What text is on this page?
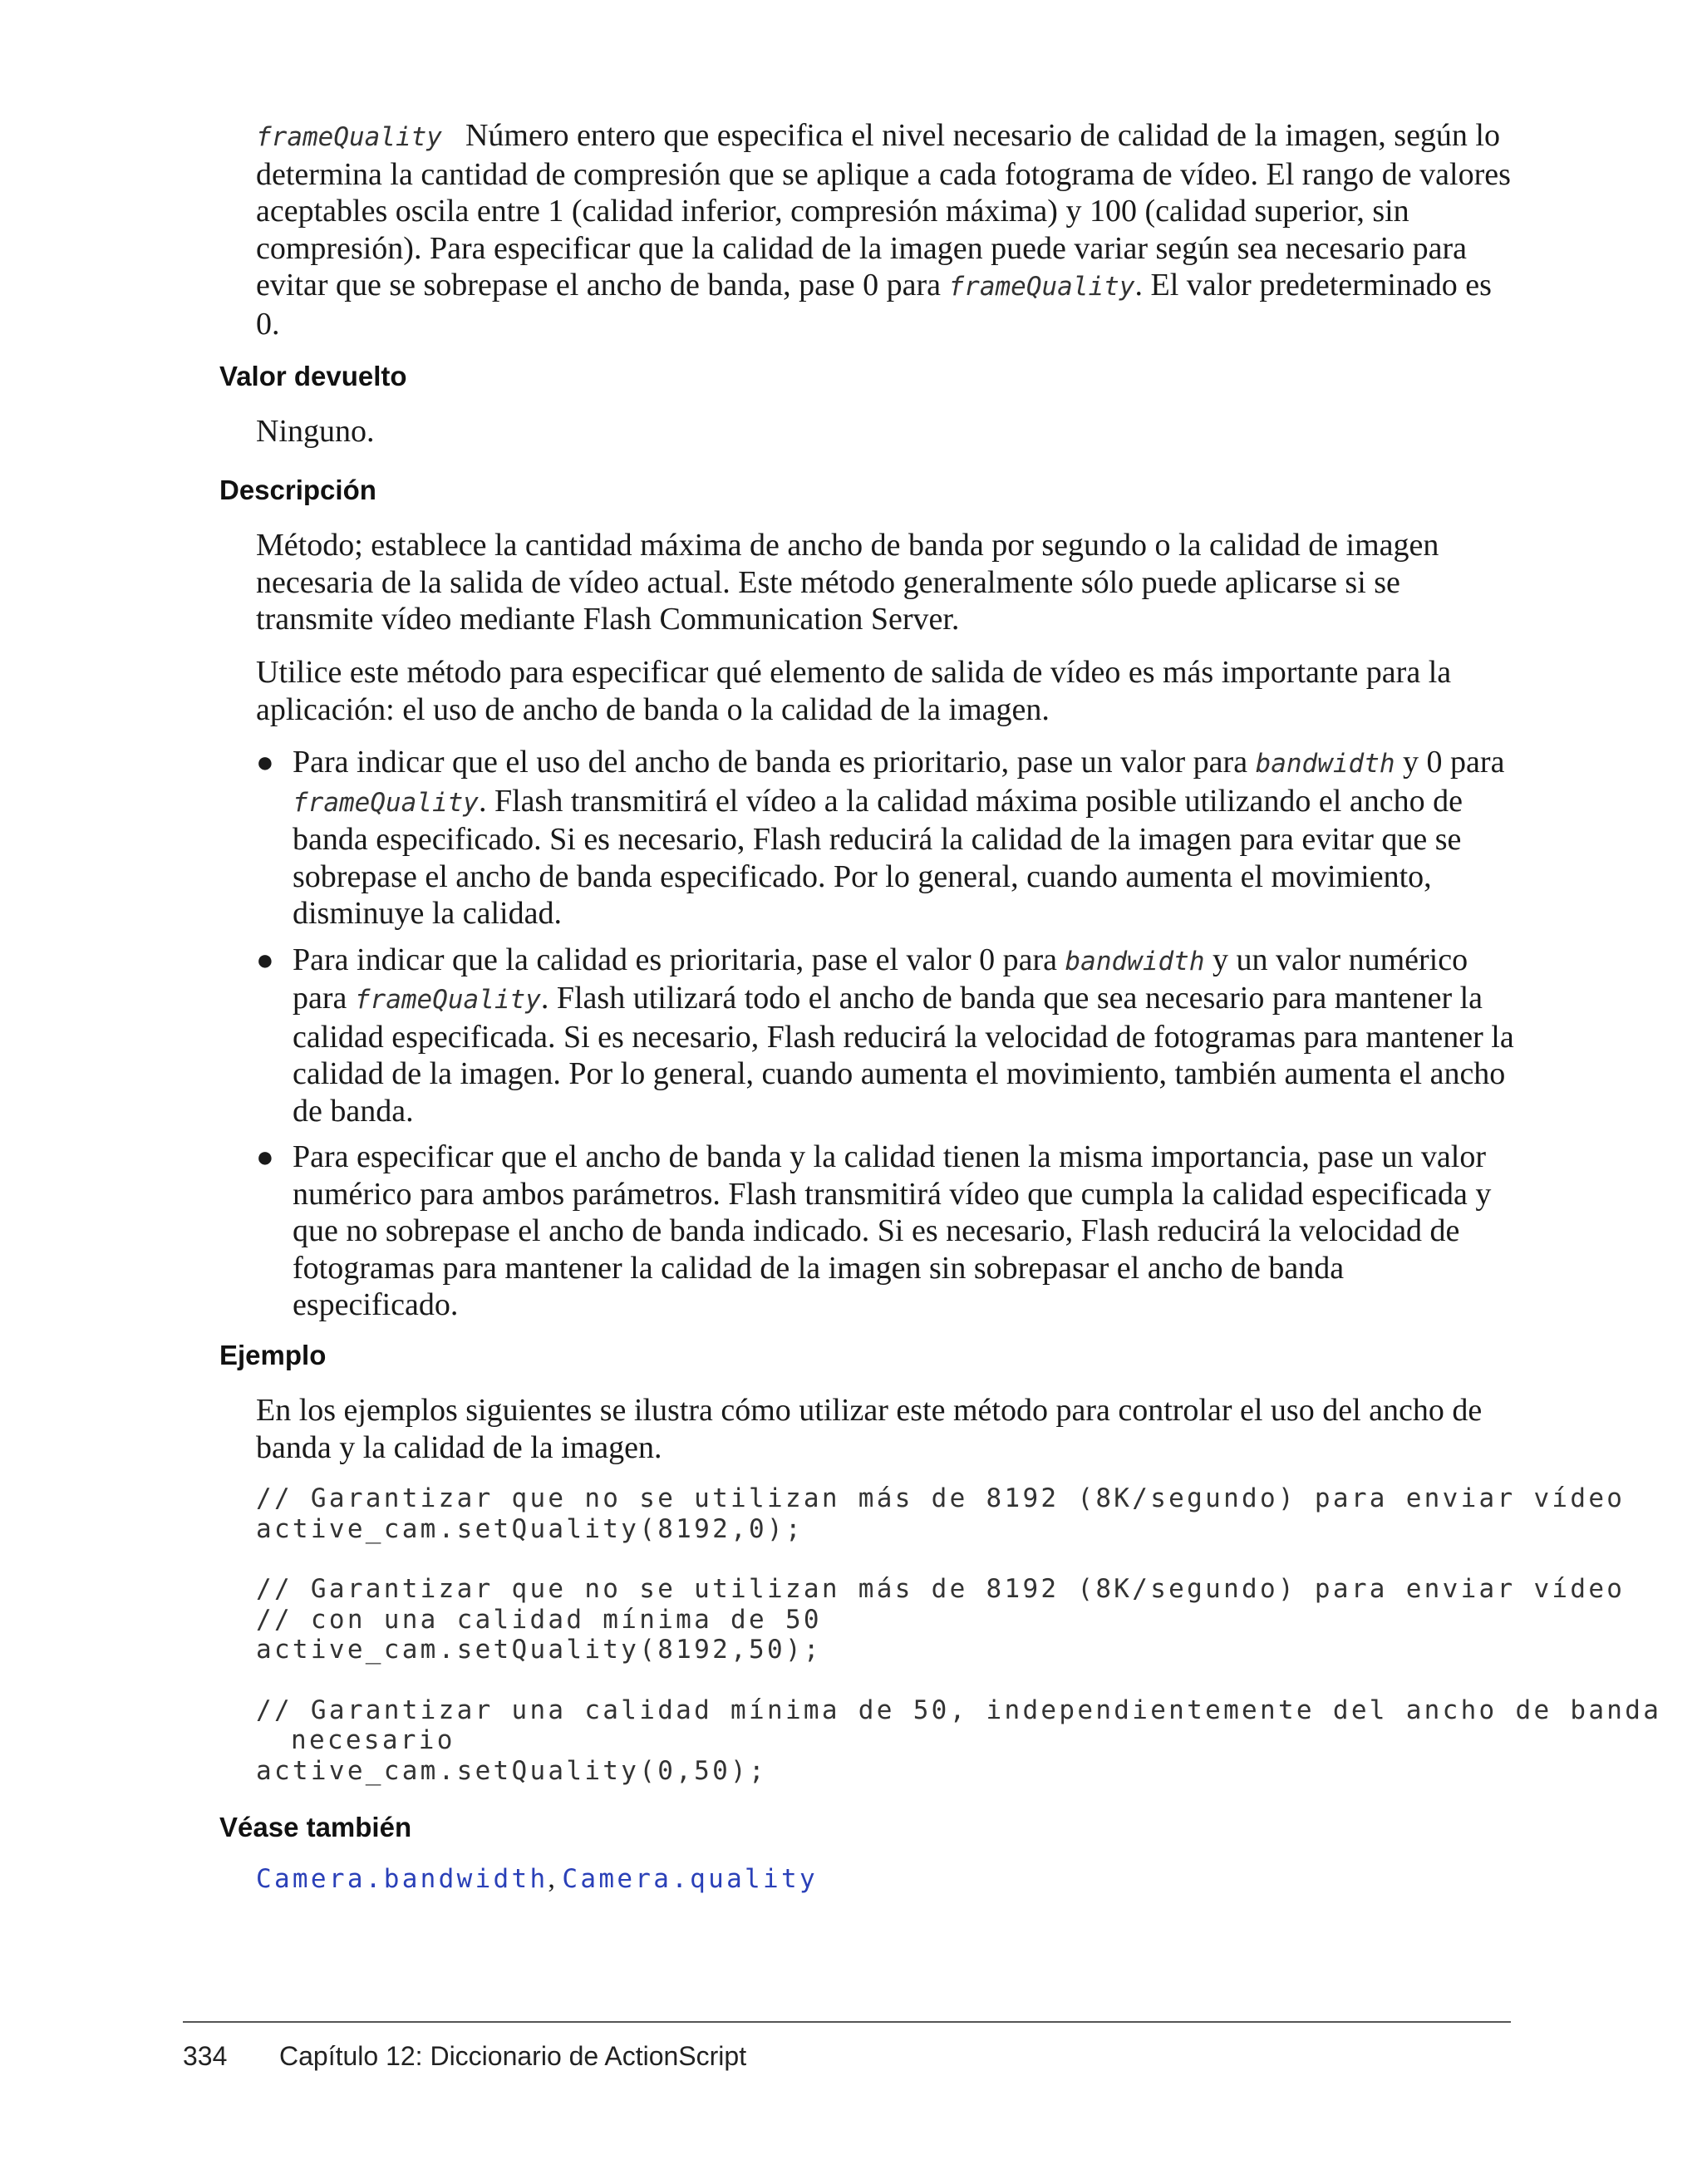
frameQuality Número entero que especifica el nivel necesario de calidad de la imagen, según lo determina la cantidad de compresión que se aplique a cada fotograma de vídeo. El rango de valores aceptables oscila entre 1 (calidad inferior, compresión máxima) y 100 (calidad superior, sin compresión). Para especificar que la calidad de la imagen puede variar según sea necesario para evitar que se sobrepase el ancho de banda, pase 0 para frameQuality. El valor predeterminado es 0.

Valor devuelto

Ninguno.

Descripción

Método; establece la cantidad máxima de ancho de banda por segundo o la calidad de imagen necesaria de la salida de vídeo actual. Este método generalmente sólo puede aplicarse si se transmite vídeo mediante Flash Communication Server.

Utilice este método para especificar qué elemento de salida de vídeo es más importante para la aplicación: el uso de ancho de banda o la calidad de la imagen.

● Para indicar que el uso del ancho de banda es prioritario, pase un valor para bandwidth y 0 para frameQuality. Flash transmitirá el vídeo a la calidad máxima posible utilizando el ancho de banda especificado. Si es necesario, Flash reducirá la calidad de la imagen para evitar que se sobrepase el ancho de banda especificado. Por lo general, cuando aumenta el movimiento, disminuye la calidad.
● Para indicar que la calidad es prioritaria, pase el valor 0 para bandwidth y un valor numérico para frameQuality. Flash utilizará todo el ancho de banda que sea necesario para mantener la calidad especificada. Si es necesario, Flash reducirá la velocidad de fotogramas para mantener la calidad de la imagen. Por lo general, cuando aumenta el movimiento, también aumenta el ancho de banda.
● Para especificar que el ancho de banda y la calidad tienen la misma importancia, pase un valor numérico para ambos parámetros. Flash transmitirá vídeo que cumpla la calidad especificada y que no sobrepase el ancho de banda indicado. Si es necesario, Flash reducirá la velocidad de fotogramas para mantener la calidad de la imagen sin sobrepasar el ancho de banda especificado.
Ejemplo

En los ejemplos siguientes se ilustra cómo utilizar este método para controlar el uso del ancho de banda y la calidad de la imagen.

// Garantizar que no se utilizan más de 8192 (8K/segundo) para enviar vídeo
active_cam.setQuality(8192,0);
// Garantizar que no se utilizan más de 8192 (8K/segundo) para enviar vídeo
// con una calidad mínima de 50
active_cam.setQuality(8192,50);
// Garantizar una calidad mínima de 50, independientemente del ancho de banda
necesario
active_cam.setQuality(0,50);
Véase también
Camera.bandwidth, Camera.quality
334 Capítulo 12: Diccionario de ActionScript
